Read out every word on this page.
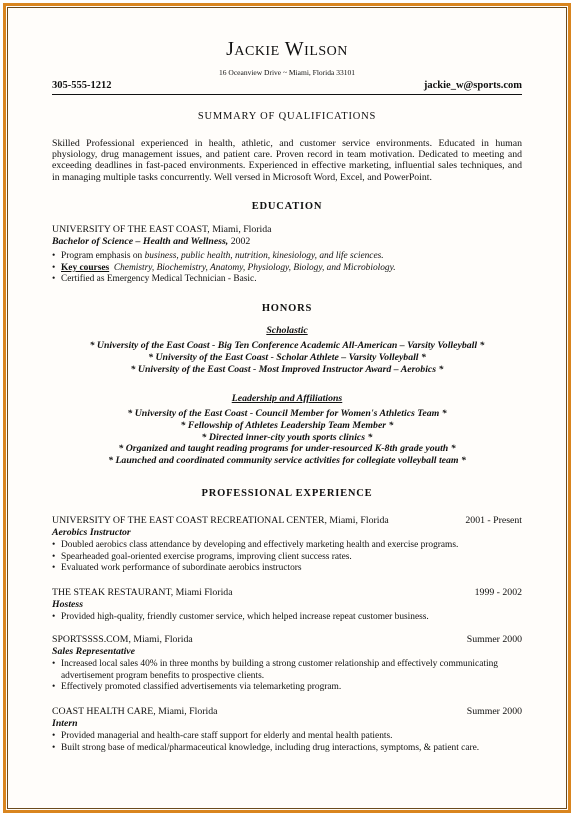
Jackie Wilson
16 Oceanview Drive ~ Miami, Florida 33101
305-555-1212	jackie_w@sports.com
SUMMARY OF QUALIFICATIONS
Skilled Professional experienced in health, athletic, and customer service environments. Educated in human physiology, drug management issues, and patient care. Proven record in team motivation. Dedicated to meeting and exceeding deadlines in fast-paced environments. Experienced in effective marketing, influential sales techniques, and in managing multiple tasks concurrently. Well versed in Microsoft Word, Excel, and PowerPoint.
EDUCATION
UNIVERSITY OF THE EAST COAST, Miami, Florida
Bachelor of Science – Health and Wellness, 2002
• Program emphasis on business, public health, nutrition, kinesiology, and life sciences.
• Key courses Chemistry, Biochemistry, Anatomy, Physiology, Biology, and Microbiology.
• Certified as Emergency Medical Technician - Basic.
HONORS
Scholastic
* University of the East Coast - Big Ten Conference Academic All-American – Varsity Volleyball *
* University of the East Coast - Scholar Athlete – Varsity Volleyball *
* University of the East Coast - Most Improved Instructor Award – Aerobics *
Leadership and Affiliations
* University of the East Coast - Council Member for Women's Athletics Team *
* Fellowship of Athletes Leadership Team Member *
* Directed inner-city youth sports clinics *
* Organized and taught reading programs for under-resourced K-8th grade youth *
* Launched and coordinated community service activities for collegiate volleyball team *
PROFESSIONAL EXPERIENCE
UNIVERSITY OF THE EAST COAST RECREATIONAL CENTER, Miami, Florida	2001 - Present
Aerobics Instructor
• Doubled aerobics class attendance by developing and effectively marketing health and exercise programs.
• Spearheaded goal-oriented exercise programs, improving client success rates.
• Evaluated work performance of subordinate aerobics instructors
THE STEAK RESTAURANT, Miami Florida	1999 - 2002
Hostess
• Provided high-quality, friendly customer service, which helped increase repeat customer business.
SPORTSSSS.COM, Miami, Florida	Summer 2000
Sales Representative
• Increased local sales 40% in three months by building a strong customer relationship and effectively communicating advertisement program benefits to prospective clients.
• Effectively promoted classified advertisements via telemarketing program.
COAST HEALTH CARE, Miami, Florida	Summer 2000
Intern
• Provided managerial and health-care staff support for elderly and mental health patients.
• Built strong base of medical/pharmaceutical knowledge, including drug interactions, symptoms, & patient care.
